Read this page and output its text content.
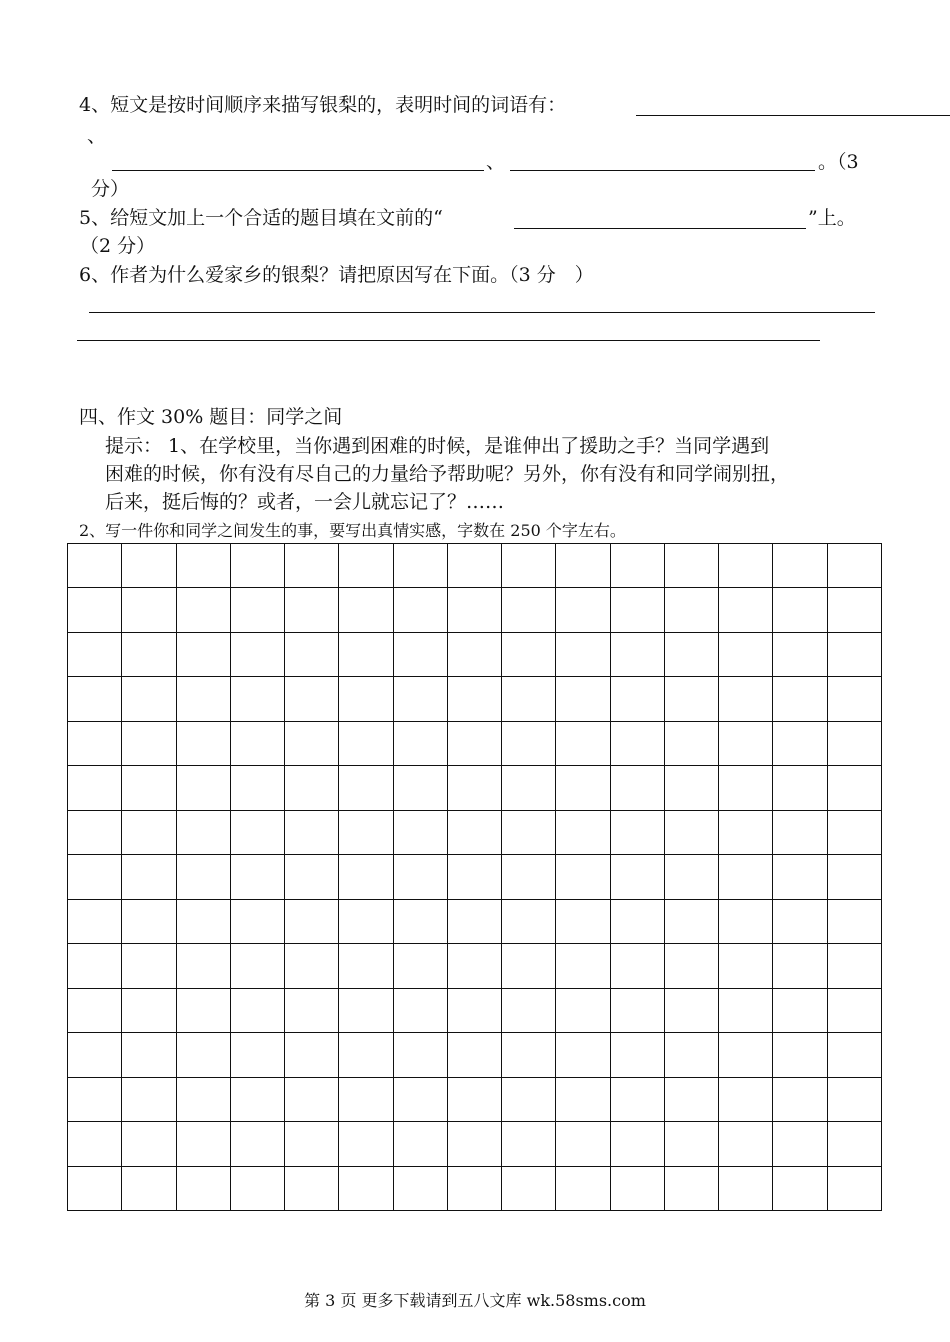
4、短文是按时间顺序来描写银梨的，表明时间的词语有：
、
、	。（3
分）
5、给短文加上一个合适的题目填在文前的“	”上。
（2 分）
6、作者为什么爱家乡的银梨？请把原因写在下面。（3 分　）
四、作文 30% 题目：同学之间
提示： 1、在学校里，当你遇到困难的时候，是谁伸出了援助之手？当同学遇到
困难的时候，你有没有尽自己的力量给予帮助呢？另外，你有没有和同学闹别扭，
后来，挺后悔的？或者，一会儿就忘记了？……
2、写一件你和同学之间发生的事，要写出真情实感，字数在 250 个字左右。
第 3 页 更多下载请到五八文库 wk.58sms.com
